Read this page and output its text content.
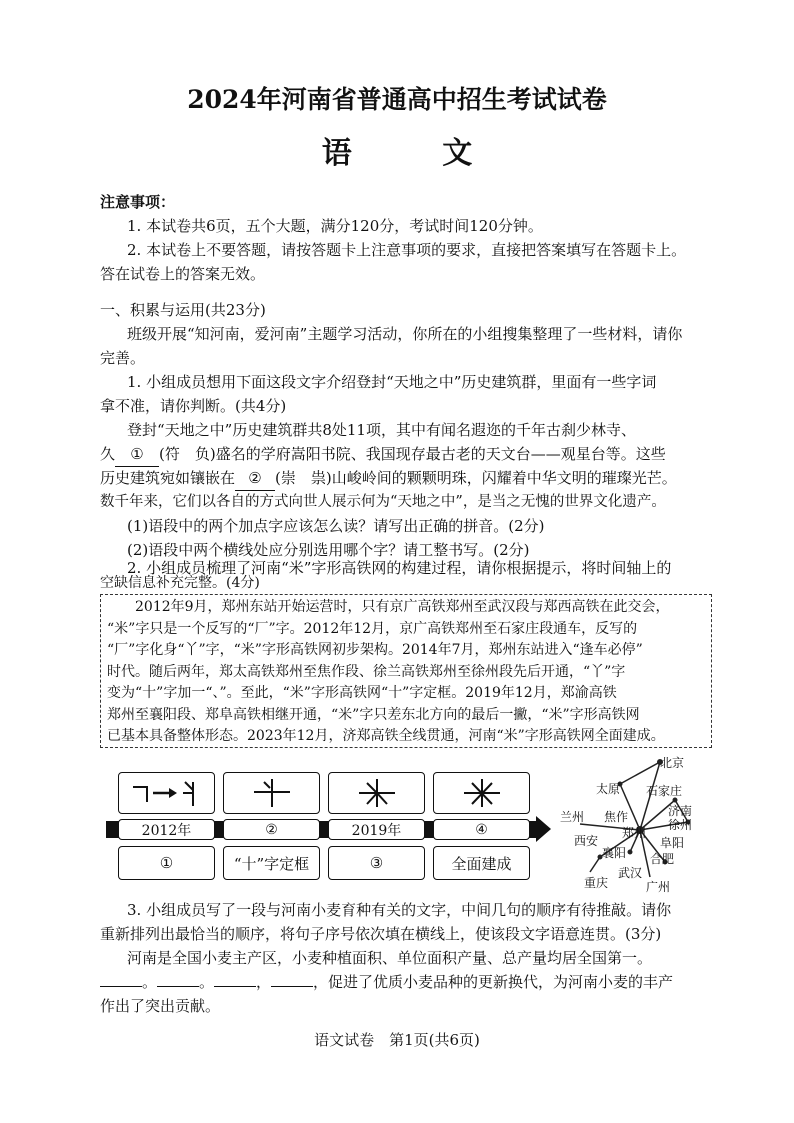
2024年河南省普通高中招生考试试卷
语 文
注意事项：
1. 本试卷共6页，五个大题，满分120分，考试时间120分钟。
2. 本试卷上不要答题，请按答题卡上注意事项的要求，直接把答案填写在答题卡上。
答在试卷上的答案无效。
一、积累与运用(共23分)
班级开展“知河南，爱河南”主题学习活动，你所在的小组搜集整理了一些材料，请你
完善。
1. 小组成员想用下面这段文字介绍登封“天地之中”历史建筑群，里面有一些字词
拿不准，请你判断。(共4分)
登封“天地之中”历史建筑群共8处11项，其中有闻名遐迩的千年古刹少林寺、
久 ① (符　负)盛名的学府嵩阳书院、我国现存最古老的天文台——观星台等。这些
历史建筑宛如镶嵌在 ② (崇　祟)山峻岭间的颗颗明珠，闪耀着中华文明的璀璨光芒。
数千年来，它们以各自的方式向世人展示何为“天地之中”，是当之无愧的世界文化遗产。
(1)语段中的两个加点字应该怎么读？请写出正确的拼音。(2分)
(2)语段中两个横线处应分别选用哪个字？请工整书写。(2分)
2. 小组成员梳理了河南“米”字形高铁网的构建过程，请你根据提示，将时间轴上的
2012年9月，郑州东站开始运营时，只有京广高铁郑州至武汉段与郑西高铁在此交会，
“米”字只是一个反写的“厂”字。2012年12月，京广高铁郑州至石家庄段通车，反写的
“厂”字化身“丫”字，“米”字形高铁网初步架构。2014年7月，郑州东站进入“逢车必停”
时代。随后两年，郑太高铁郑州至焦作段、徐兰高铁郑州至徐州段先后开通，“丫”字
变为“十”字加一“、”。至此，“米”字形高铁网“十”字定框。2019年12月，郑渝高铁
郑州至襄阳段、郑阜高铁相继开通，“米”字只差东北方向的最后一撇，“米”字形高铁网
已基本具备整体形态。2023年12月，济郑高铁全线贯通，河南“米”字形高铁网全面建成。
2012年	②	2019年	④
①	“十”字定框	③	全面建成
北京
太原 石家庄
兰州 焦作	济南
徐州
西安
郑州
阜阳
襄阳 合肥
武汉
重庆	广州
3. 小组成员写了一段与河南小麦育种有关的文字，中间几句的顺序有待推敲。请你
重新排列出最恰当的顺序，将句子序号依次填在横线上，使该段文字语意连贯。(3分)
河南是全国小麦主产区，小麦种植面积、单位面积产量、总产量均居全国第一。
。	。	，	，促进了优质小麦品种的更新换代，为河南小麦的丰产
作出了突出贡献。
语文试卷　第1页(共6页)
空缺信息补充完整。(4分)
